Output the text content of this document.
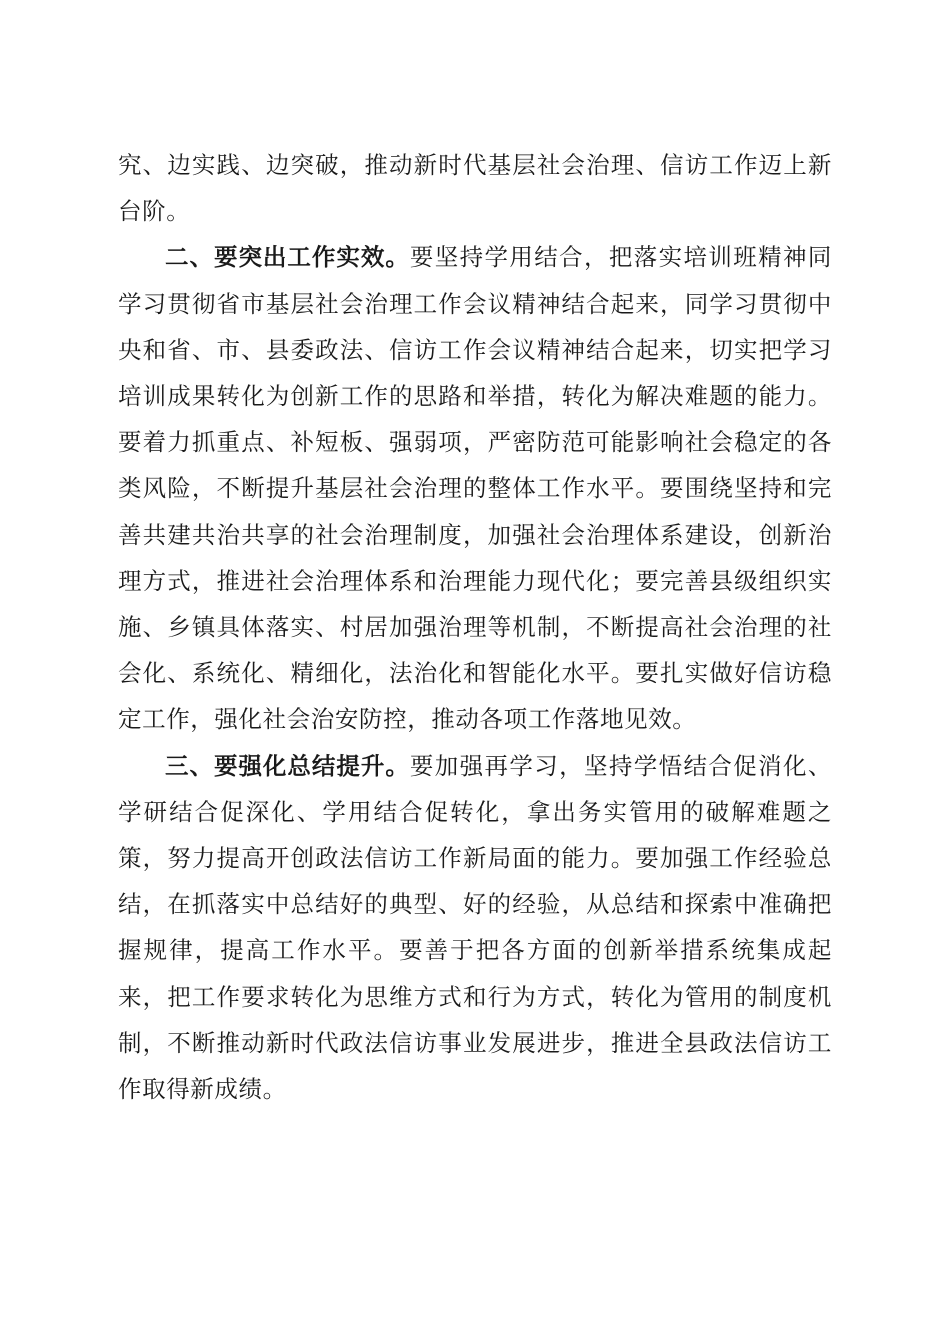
究、边实践、边突破，推动新时代基层社会治理、信访工作迈上新台阶。

二、要突出工作实效。要坚持学用结合，把落实培训班精神同学习贯彻省市基层社会治理工作会议精神结合起来，同学习贯彻中央和省、市、县委政法、信访工作会议精神结合起来，切实把学习培训成果转化为创新工作的思路和举措，转化为解决难题的能力。要着力抓重点、补短板、强弱项，严密防范可能影响社会稳定的各类风险，不断提升基层社会治理的整体工作水平。要围绕坚持和完善共建共治共享的社会治理制度，加强社会治理体系建设，创新治理方式，推进社会治理体系和治理能力现代化；要完善县级组织实施、乡镇具体落实、村居加强治理等机制，不断提高社会治理的社会化、系统化、精细化，法治化和智能化水平。要扎实做好信访稳定工作，强化社会治安防控，推动各项工作落地见效。

三、要强化总结提升。要加强再学习，坚持学悟结合促消化、学研结合促深化、学用结合促转化，拿出务实管用的破解难题之策，努力提高开创政法信访工作新局面的能力。要加强工作经验总结，在抓落实中总结好的典型、好的经验，从总结和探索中准确把握规律，提高工作水平。要善于把各方面的创新举措系统集成起来，把工作要求转化为思维方式和行为方式，转化为管用的制度机制，不断推动新时代政法信访事业发展进步，推进全县政法信访工作取得新成绩。
